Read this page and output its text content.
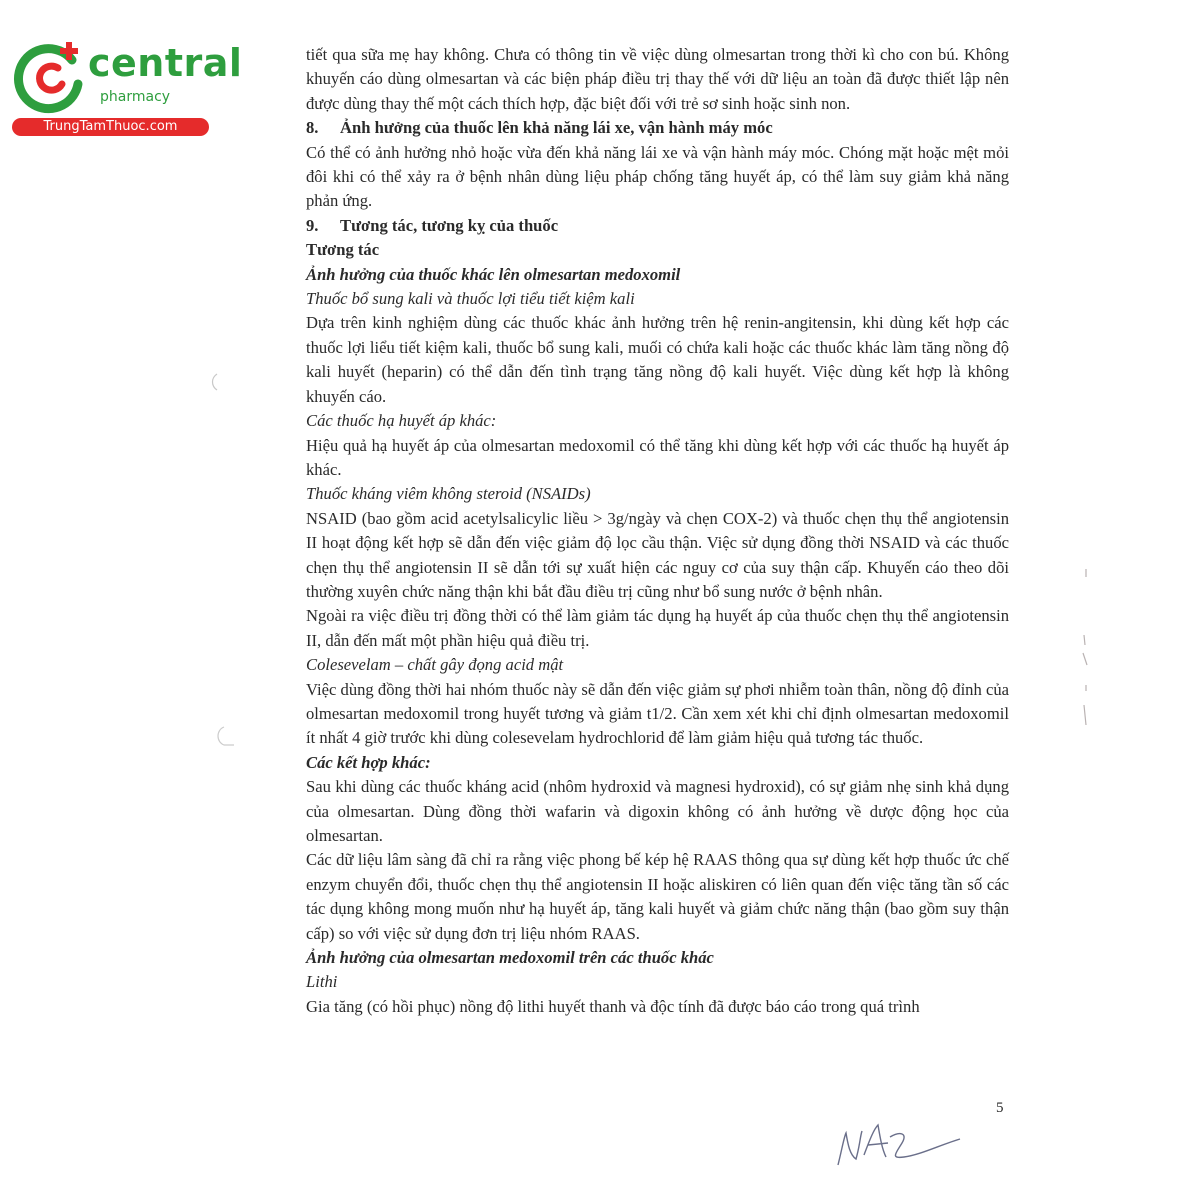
central
pharmacy
TrungTamThuoc.com

tiết qua sữa mẹ hay không. Chưa có thông tin về việc dùng olmesartan trong thời kì cho con bú. Không khuyến cáo dùng olmesartan và các biện pháp điều trị thay thế với dữ liệu an toàn đã được thiết lập nên được dùng thay thế một cách thích hợp, đặc biệt đối với trẻ sơ sinh hoặc sinh non.

8. Ảnh hưởng của thuốc lên khả năng lái xe, vận hành máy móc

Có thể có ảnh hưởng nhỏ hoặc vừa đến khả năng lái xe và vận hành máy móc. Chóng mặt hoặc mệt mỏi đôi khi có thể xảy ra ở bệnh nhân dùng liệu pháp chống tăng huyết áp, có thể làm suy giảm khả năng phản ứng.

9. Tương tác, tương kỵ của thuốc
Tương tác
Ảnh hưởng của thuốc khác lên olmesartan medoxomil
Thuốc bổ sung kali và thuốc lợi tiểu tiết kiệm kali

Dựa trên kinh nghiệm dùng các thuốc khác ảnh hưởng trên hệ renin-angitensin, khi dùng kết hợp các thuốc lợi liểu tiết kiệm kali, thuốc bổ sung kali, muối có chứa kali hoặc các thuốc khác làm tăng nồng độ kali huyết (heparin) có thể dẫn đến tình trạng tăng nồng độ kali huyết. Việc dùng kết hợp là không khuyến cáo.

Các thuốc hạ huyết áp khác:

Hiệu quả hạ huyết áp của olmesartan medoxomil có thể tăng khi dùng kết hợp với các thuốc hạ huyết áp khác.

Thuốc kháng viêm không steroid (NSAIDs)

NSAID (bao gồm acid acetylsalicylic liều > 3g/ngày và chẹn COX-2) và thuốc chẹn thụ thể angiotensin II hoạt động kết hợp sẽ dẫn đến việc giảm độ lọc cầu thận. Việc sử dụng đồng thời NSAID và các thuốc chẹn thụ thể angiotensin II sẽ dẫn tới sự xuất hiện các nguy cơ của suy thận cấp. Khuyến cáo theo dõi thường xuyên chức năng thận khi bắt đầu điều trị cũng như bổ sung nước ở bệnh nhân.

Ngoài ra việc điều trị đồng thời có thể làm giảm tác dụng hạ huyết áp của thuốc chẹn thụ thể angiotensin II, dẫn đến mất một phần hiệu quả điều trị.

Colesevelam – chất gây đọng acid mật

Việc dùng đồng thời hai nhóm thuốc này sẽ dẫn đến việc giảm sự phơi nhiễm toàn thân, nồng độ đỉnh của olmesartan medoxomil trong huyết tương và giảm t1/2. Cần xem xét khi chỉ định olmesartan medoxomil ít nhất 4 giờ trước khi dùng colesevelam hydrochlorid để làm giảm hiệu quả tương tác thuốc.

Các kết hợp khác:

Sau khi dùng các thuốc kháng acid (nhôm hydroxid và magnesi hydroxid), có sự giảm nhẹ sinh khả dụng của olmesartan. Dùng đồng thời wafarin và digoxin không có ảnh hưởng về dược động học của olmesartan.

Các dữ liệu lâm sàng đã chỉ ra rằng việc phong bế kép hệ RAAS thông qua sự dùng kết hợp thuốc ức chế enzym chuyển đổi, thuốc chẹn thụ thể angiotensin II hoặc aliskiren có liên quan đến việc tăng tần số các tác dụng không mong muốn như hạ huyết áp, tăng kali huyết và giảm chức năng thận (bao gồm suy thận cấp) so với việc sử dụng đơn trị liệu nhóm RAAS.

Ảnh hưởng của olmesartan medoxomil trên các thuốc khác
Lithi

Gia tăng (có hồi phục) nồng độ lithi huyết thanh và độc tính đã được báo cáo trong quá trình

5
